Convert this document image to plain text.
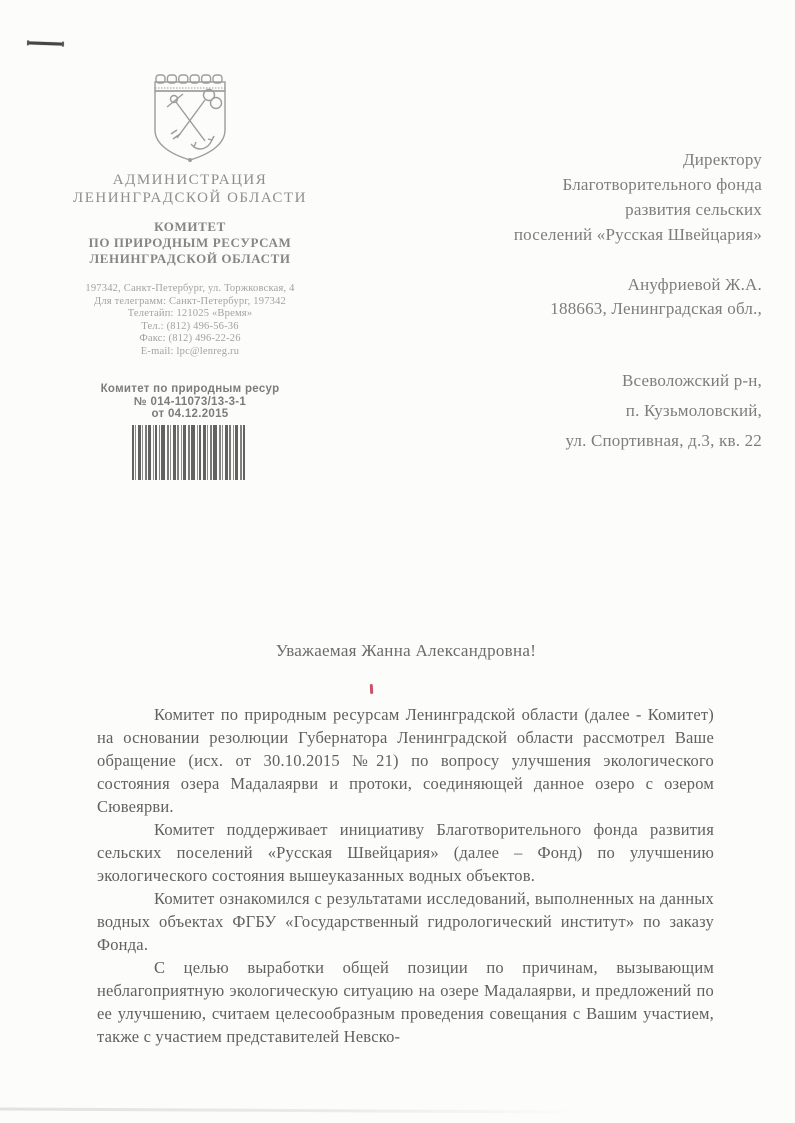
АДМИНИСТРАЦИЯ
ЛЕНИНГРАДСКОЙ ОБЛАСТИ
КОМИТЕТ
ПО ПРИРОДНЫМ РЕСУРСАМ
ЛЕНИНГРАДСКОЙ ОБЛАСТИ
197342, Санкт-Петербург, ул. Торжковская, 4
Для телеграмм: Санкт-Петербург, 197342
Телетайп: 121025 «Время»
Тел.: (812) 496-56-36
Факс: (812) 496-22-26
E-mail: lpc@lenreg.ru
Комитет по природным ресур
№ 014-11073/13-3-1
от 04.12.2015
Директору
Благотворительного фонда
развития сельских
поселений «Русская Швейцария»
Ануфриевой Ж.А.
188663, Ленинградская обл.,
Всеволожский р-н,
п. Кузьмоловский,
ул. Спортивная, д.3, кв. 22
Уважаемая Жанна Александровна!

Комитет по природным ресурсам Ленинградской области (далее - Комитет) на основании резолюции Губернатора Ленинградской области рассмотрел Ваше обращение (исх. от 30.10.2015 №21) по вопросу улучшения экологического состояния озера Мадалаярви и протоки, соединяющей данное озеро с озером Сювеярви.

Комитет поддерживает инициативу Благотворительного фонда развития сельских поселений «Русская Швейцария» (далее – Фонд) по улучшению экологического состояния вышеуказанных водных объектов.

Комитет ознакомился с результатами исследований, выполненных на данных водных объектах ФГБУ «Государственный гидрологический институт» по заказу Фонда.

С целью выработки общей позиции по причинам, вызывающим неблагоприятную экологическую ситуацию на озере Мадалаярви, и предложений по ее улучшению, считаем целесообразным проведения совещания с Вашим участием, также с участием представителей Невско-
